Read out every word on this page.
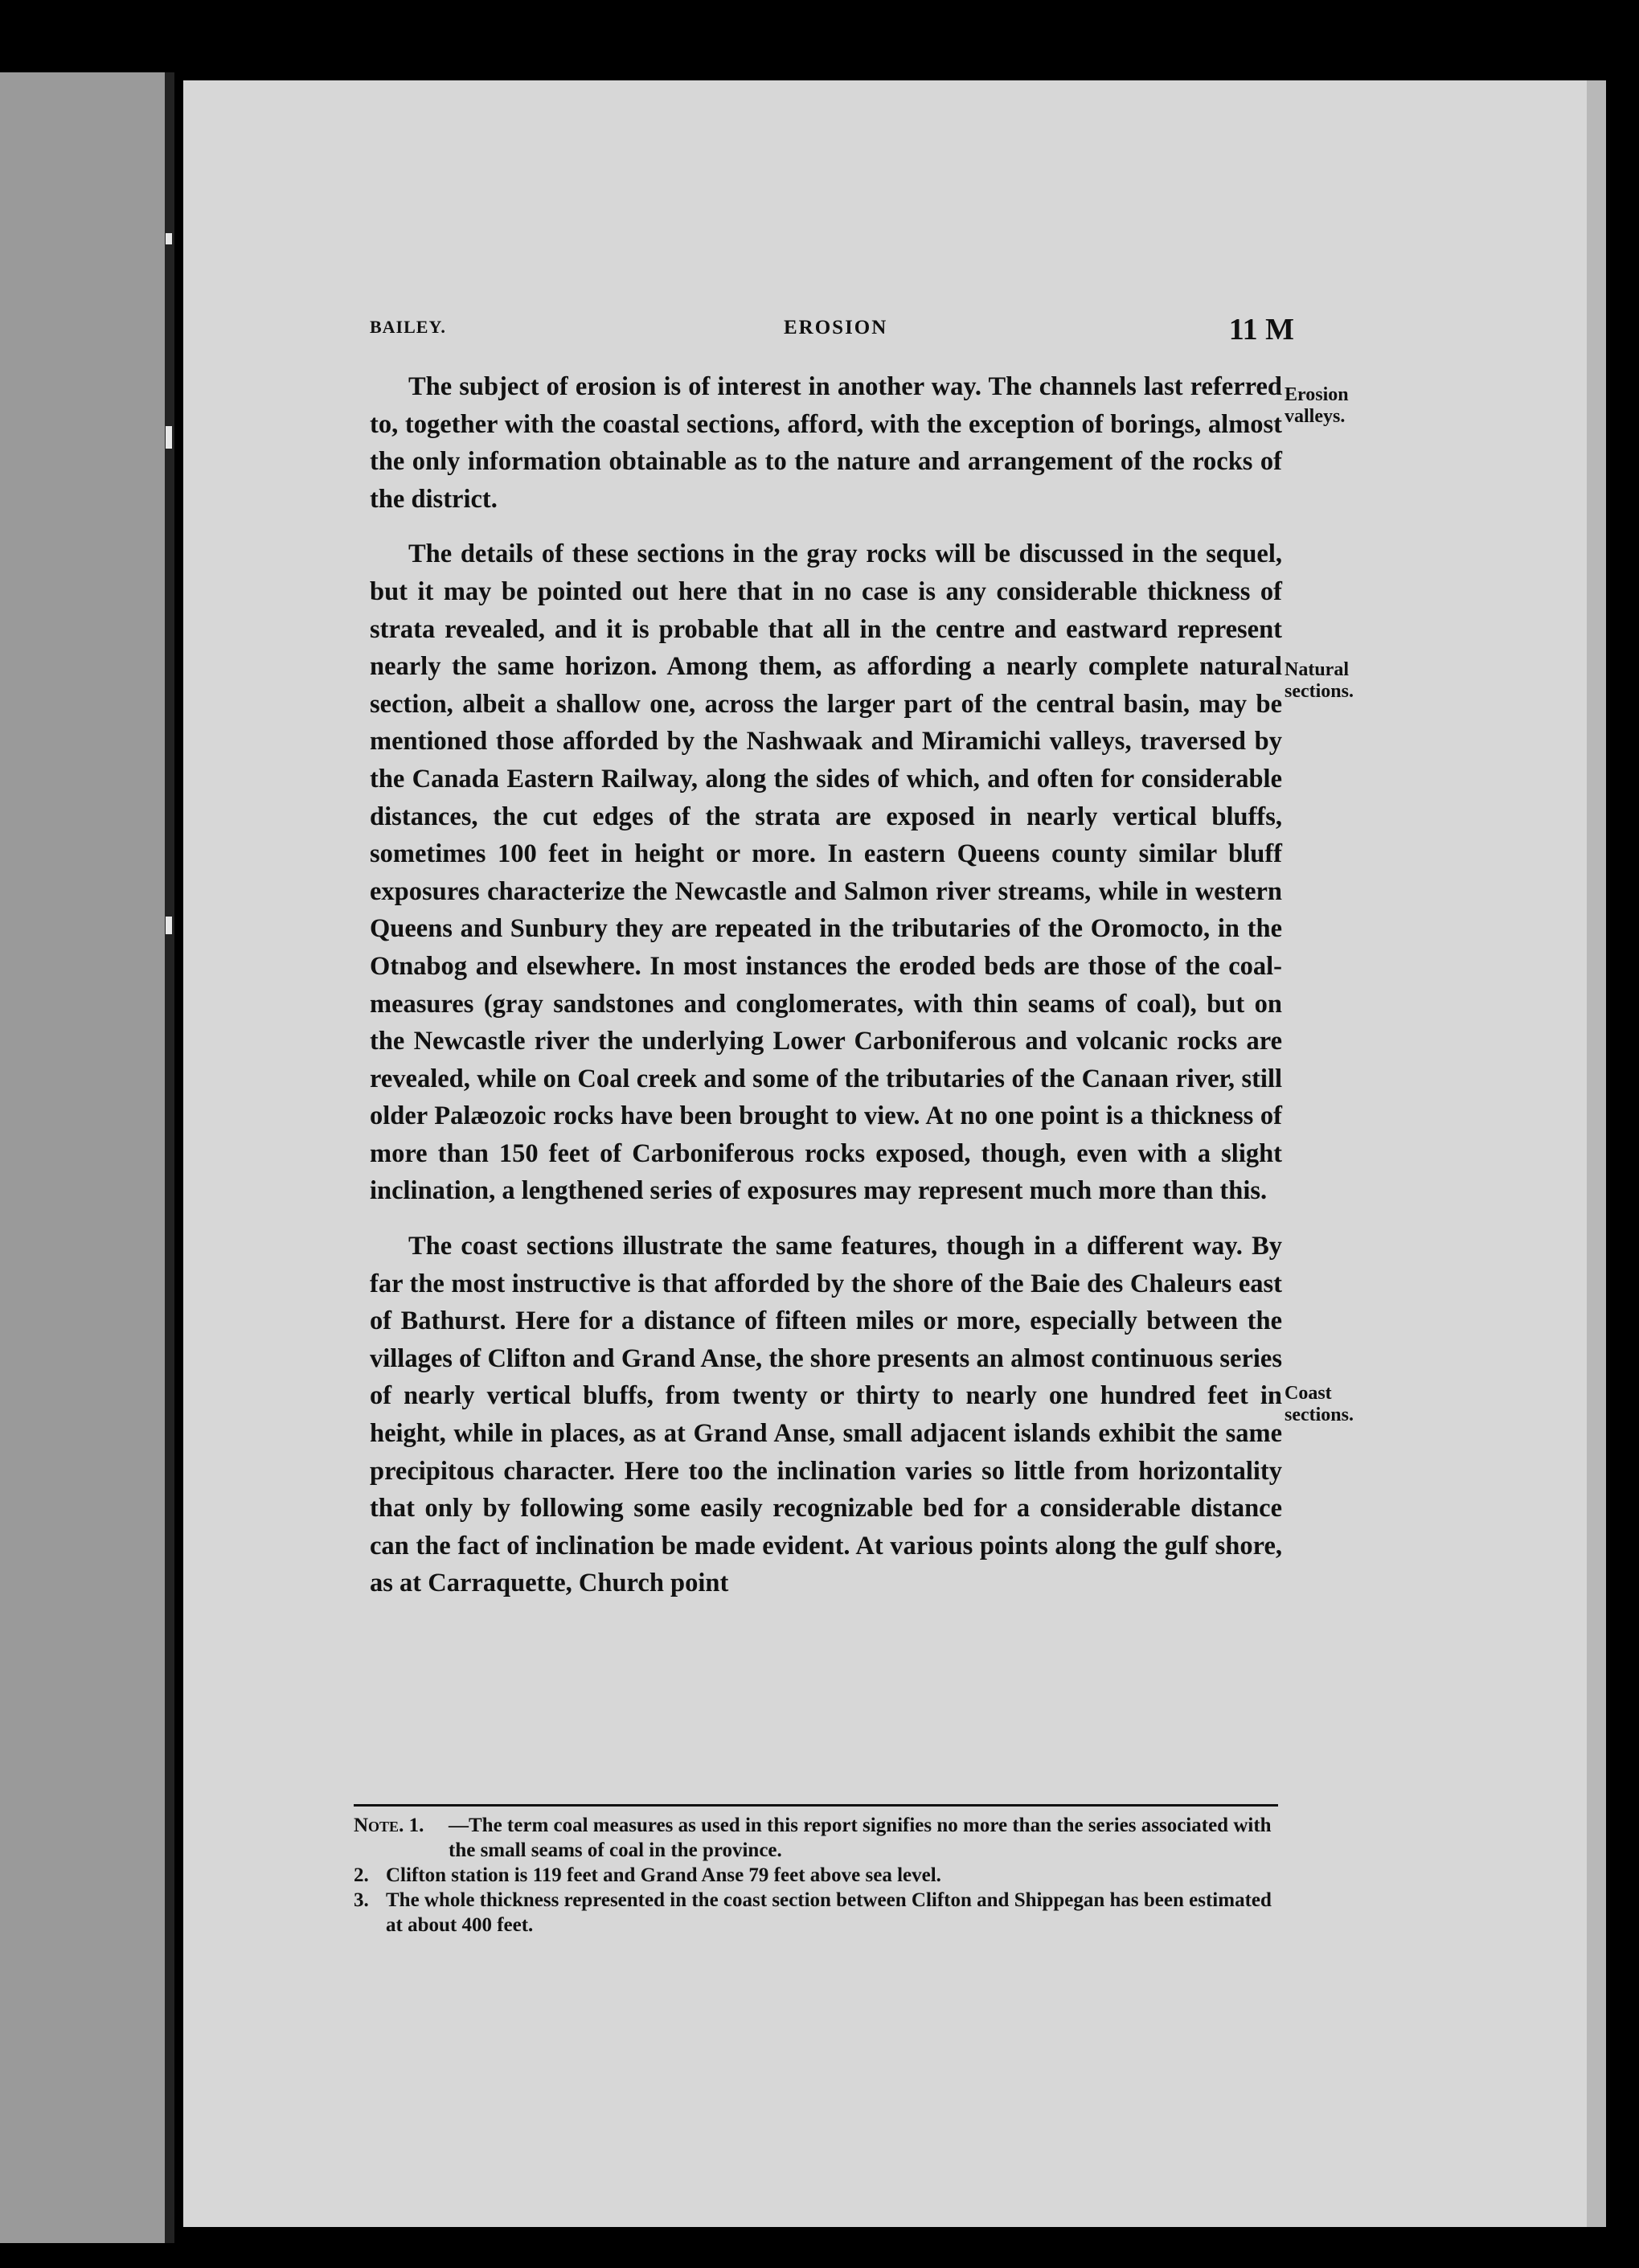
BAILEY.	EROSION	11 M

The subject of erosion is of interest in another way. The channels last referred to, together with the coastal sections, afford, with the exception of borings, almost the only information obtainable as to the nature and arrangement of the rocks of the district.

The details of these sections in the gray rocks will be discussed in the sequel, but it may be pointed out here that in no case is any considerable thickness of strata revealed, and it is probable that all in the centre and eastward represent nearly the same horizon. Among them, as affording a nearly complete natural section, albeit a shallow one, across the larger part of the central basin, may be mentioned those afforded by the Nashwaak and Miramichi valleys, traversed by the Canada Eastern Railway, along the sides of which, and often for considerable distances, the cut edges of the strata are exposed in nearly vertical bluffs, sometimes 100 feet in height or more. In eastern Queens county similar bluff exposures characterize the Newcastle and Salmon river streams, while in western Queens and Sunbury they are repeated in the tributaries of the Oromocto, in the Otnabog and elsewhere. In most instances the eroded beds are those of the coal-measures (gray sandstones and conglomerates, with thin seams of coal), but on the Newcastle river the underlying Lower Carboniferous and volcanic rocks are revealed, while on Coal creek and some of the tributaries of the Canaan river, still older Palæozoic rocks have been brought to view. At no one point is a thickness of more than 150 feet of Carboniferous rocks exposed, though, even with a slight inclination, a lengthened series of exposures may represent much more than this.

The coast sections illustrate the same features, though in a different way. By far the most instructive is that afforded by the shore of the Baie des Chaleurs east of Bathurst. Here for a distance of fifteen miles or more, especially between the villages of Clifton and Grand Anse, the shore presents an almost continuous series of nearly vertical bluffs, from twenty or thirty to nearly one hundred feet in height, while in places, as at Grand Anse, small adjacent islands exhibit the same precipitous character. Here too the inclination varies so little from horizontality that only by following some easily recognizable bed for a considerable distance can the fact of inclination be made evident. At various points along the gulf shore, as at Carraquette, Church point

Erosion
valleys.
Natural
sections.
Coast
sections.
Note. 1.	—The term coal measures as used in this report signifies no more than the series associated with the small seams of coal in the province.
2. Clifton station is 119 feet and Grand Anse 79 feet above sea level.
3. The whole thickness represented in the coast section between Clifton and Shippegan has been estimated at about 400 feet.
